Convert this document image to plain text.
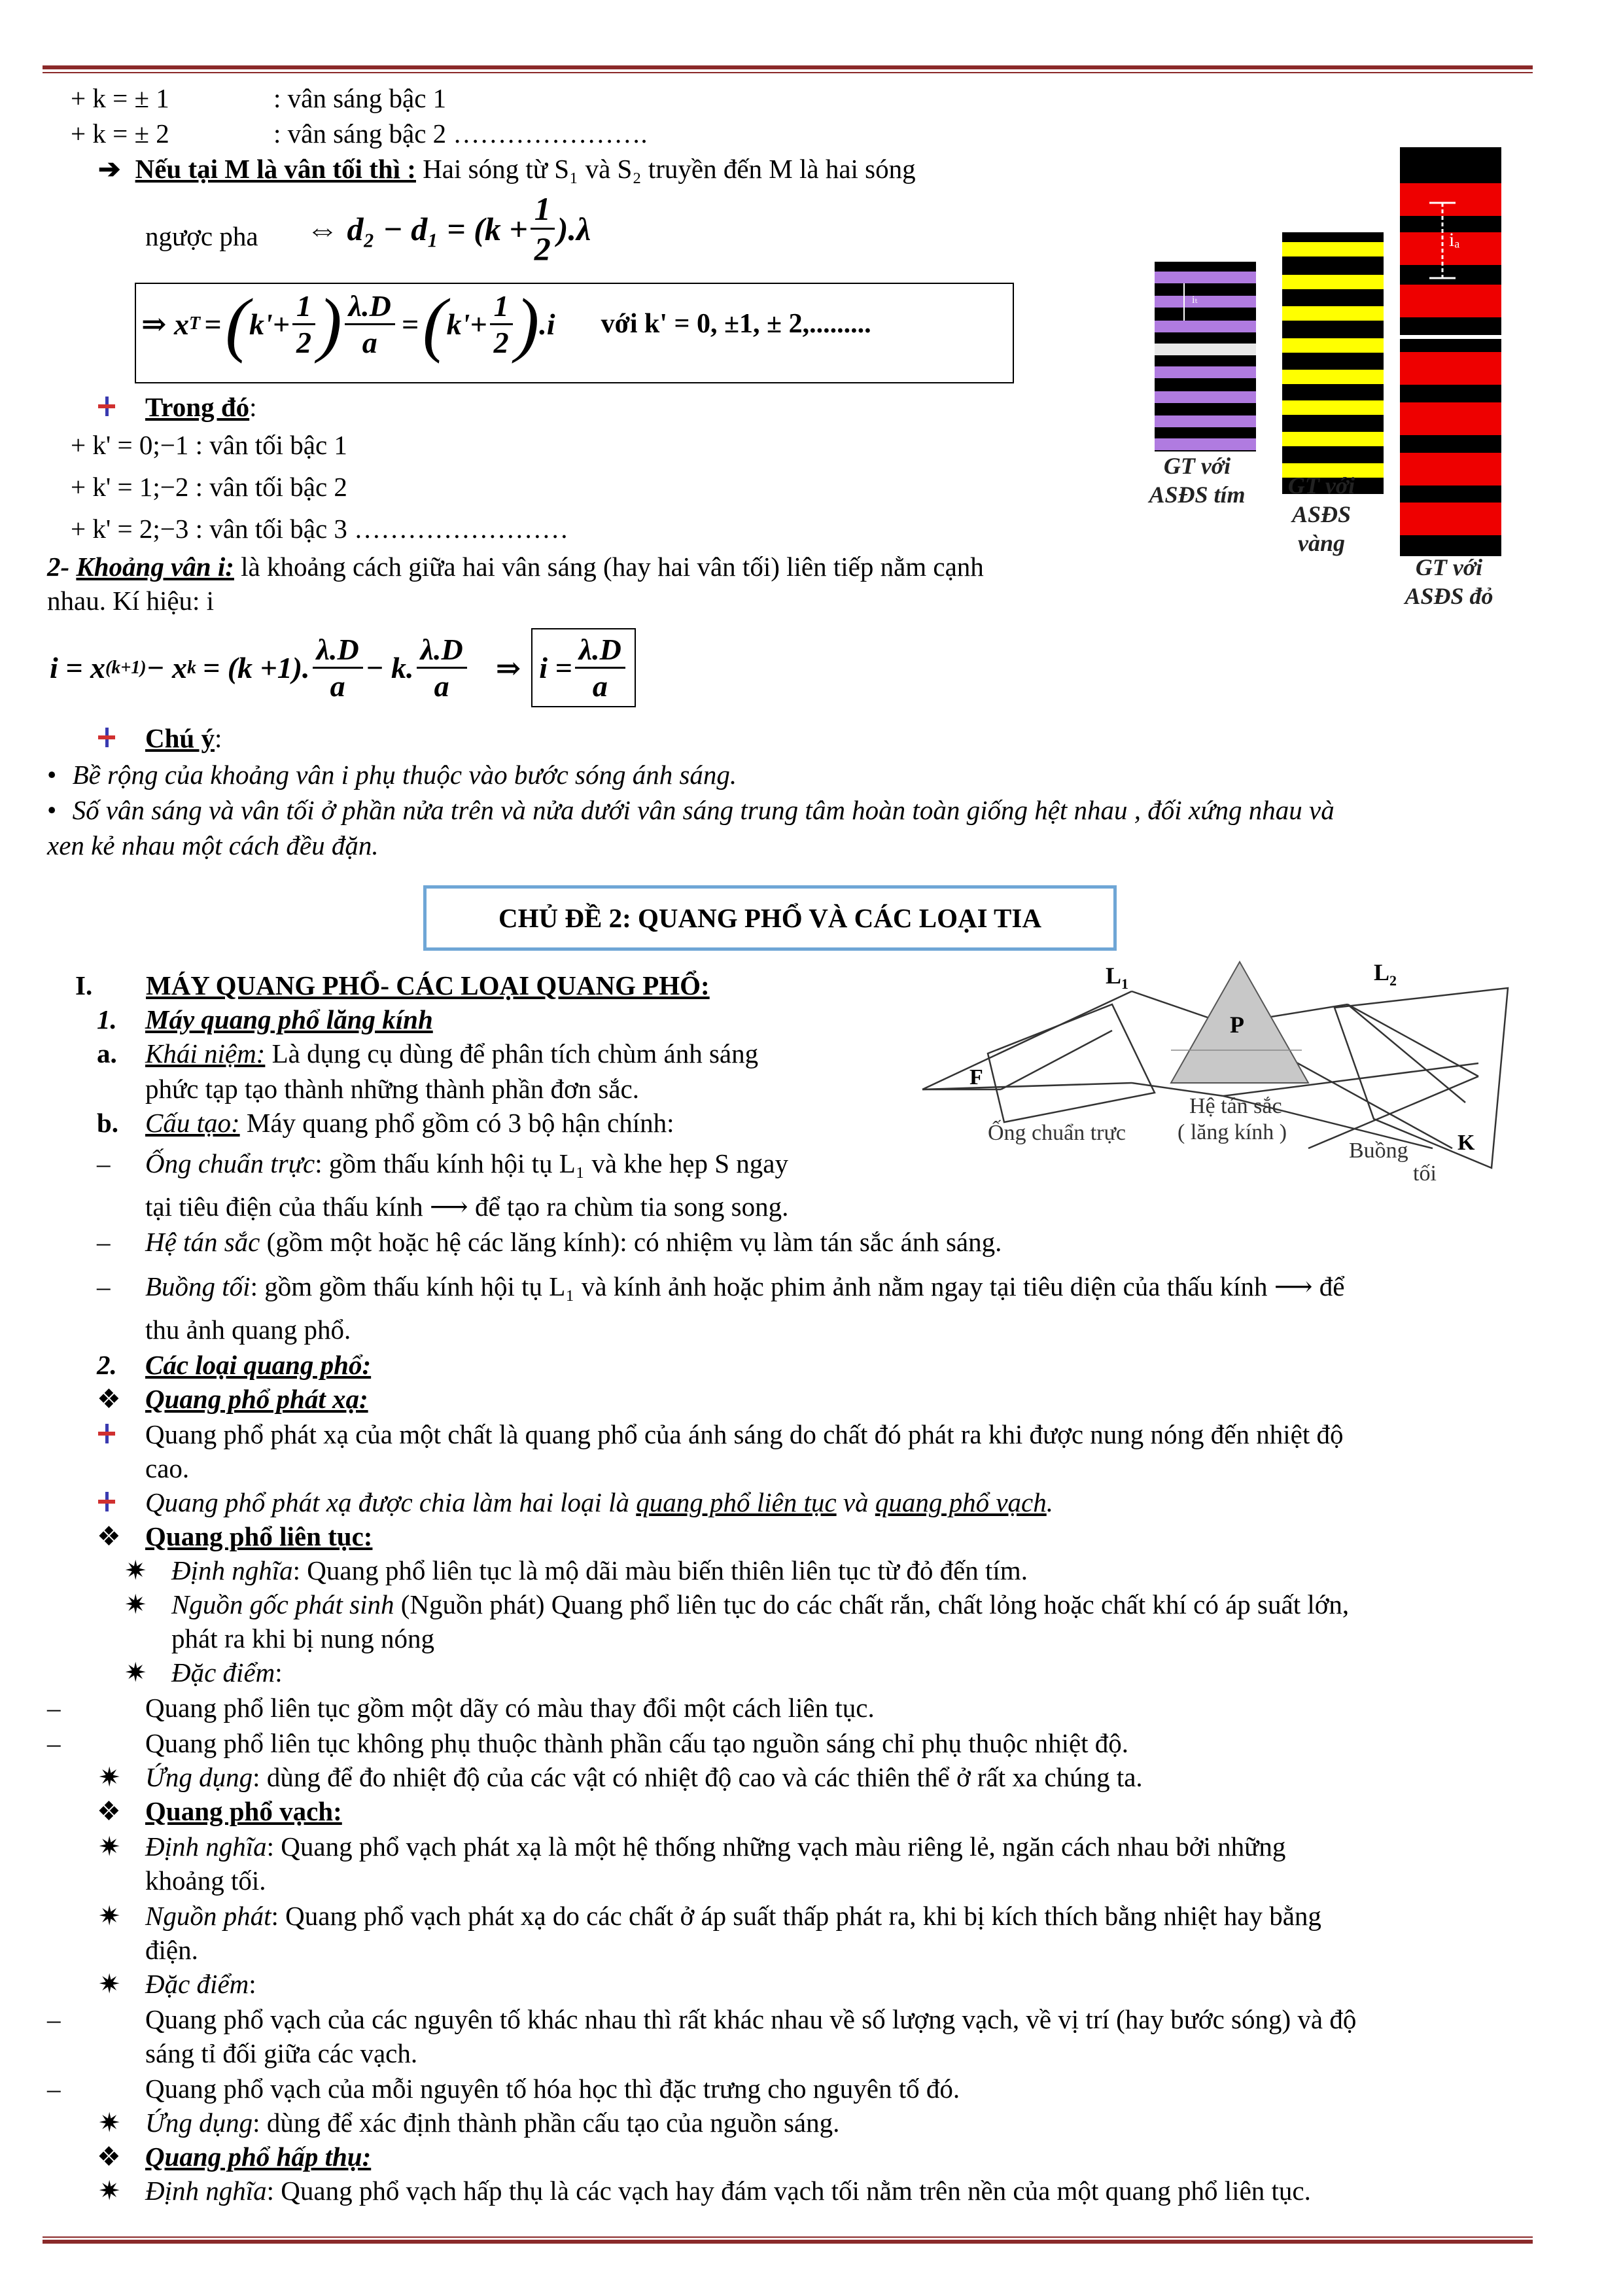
+ k = ± 1	: vân sáng bậc 1
+ k = ± 2	: vân sáng bậc 2 ………………….
➔ Nếu tại M là vân tối thì : Hai sóng từ S₁ và S₂ truyền đến M là hai sóng
ngược pha ⇔ $d_2 - d_1 = (k + \frac{1}{2} ).\lambda$
⇒ x T = ( $k'+ \frac{1}{2}$ ) $\frac{\lambda.D}{a}$ = ( $k'+ \frac{1}{2}$ ) .i với k' = 0, ±1, ± 2,.........
Trong đó:
+ k' = 0;−1 : vân tối bậc 1
+ k' = 1;−2 : vân tối bậc 2
+ k' = 2;−3 : vân tối bậc 3 ……………………
2- Khoảng vân i: là khoảng cách giữa hai vân sáng (hay hai vân tối) liên tiếp nằm cạnh
nhau. Kí hiệu: i
i = x (k+1) − x k = (k +1). $\frac{\lambda.D}{a} - k$. $\frac{\lambda.D}{a}$ ⇒ $i = \frac{\lambda.D}{a}$
Chú ý:
• Bề rộng của khoảng vân i phụ thuộc vào bước sóng ánh sáng.
• Số vân sáng và vân tối ở phần nửa trên và nửa dưới vân sáng trung tâm hoàn toàn giống hệt nhau , đối xứng nhau và
xen kẻ nhau một cách đều đặn.
iₜ
iₐ
GT với ASĐS tím	GT với ASĐS vàng
GT với ASĐS đỏ
CHỦ ĐỀ 2: QUANG PHỔ VÀ CÁC LOẠI TIA
I. MÁY QUANG PHỔ- CÁC LOẠI QUANG PHỔ:
1. Máy quang phổ lăng kính
a. Khái niệm: Là dụng cụ dùng để phân tích chùm ánh sáng
phức tạp tạo thành những thành phần đơn sắc.
b. Cấu tạo: Máy quang phổ gồm có 3 bộ hận chính:
– Ống chuẩn trực: gồm thấu kính hội tụ L₁ và khe hẹp S ngay
tại tiêu điện của thấu kính ⟶ để tạo ra chùm tia song song.
– Hệ tán sắc (gồm một hoặc hệ các lăng kính): có nhiệm vụ làm tán sắc ánh sáng.
– Buồng tối: gồm gồm thấu kính hội tụ L₁ và kính ảnh hoặc phim ảnh nằm ngay tại tiêu diện của thấu kính ⟶ để
thu ảnh quang phổ.
2. Các loại quang phổ:
❖ Quang phổ phát xạ:
Quang phổ phát xạ của một chất là quang phổ của ánh sáng do chất đó phát ra khi được nung nóng đến nhiệt độ
cao.
Quang phổ phát xạ được chia làm hai loại là quang phổ liên tục và quang phổ vạch.
❖ Quang phổ liên tục:
✷ Định nghĩa: Quang phổ liên tục là mộ dãi màu biến thiên liên tục từ đỏ đến tím.
✷ Nguồn gốc phát sinh (Nguồn phát) Quang phổ liên tục do các chất rắn, chất lỏng hoặc chất khí có áp suất lớn,
phát ra khi bị nung nóng
✷ Đặc điểm:
–	Quang phổ liên tục gồm một dãy có màu thay đổi một cách liên tục.
–	Quang phổ liên tục không phụ thuộc thành phần cấu tạo nguồn sáng chỉ phụ thuộc nhiệt độ.
✷ Ứng dụng: dùng để đo nhiệt độ của các vật có nhiệt độ cao và các thiên thể ở rất xa chúng ta.
❖ Quang phổ vạch:
✷ Định nghĩa: Quang phổ vạch phát xạ là một hệ thống những vạch màu riêng lẻ, ngăn cách nhau bởi những
khoảng tối.
✷ Nguồn phát: Quang phổ vạch phát xạ do các chất ở áp suất thấp phát ra, khi bị kích thích bằng nhiệt hay bằng
điện.
✷ Đặc điểm:
–	Quang phổ vạch của các nguyên tố khác nhau thì rất khác nhau về số lượng vạch, về vị trí (hay bước sóng) và độ
sáng tỉ đối giữa các vạch.
–	Quang phổ vạch của mỗi nguyên tố hóa học thì đặc trưng cho nguyên tố đó.
✷ Ứng dụng: dùng để xác định thành phần cấu tạo của nguồn sáng.
❖ Quang phổ hấp thụ:
✷ Định nghĩa: Quang phổ vạch hấp thụ là các vạch hay đám vạch tối nằm trên nền của một quang phổ liên tục.
$L_1$	$L_2$
P
F
K
Ống chuẩn trực
Hệ tán sắc
( lăng kính )
Buồng
tối
